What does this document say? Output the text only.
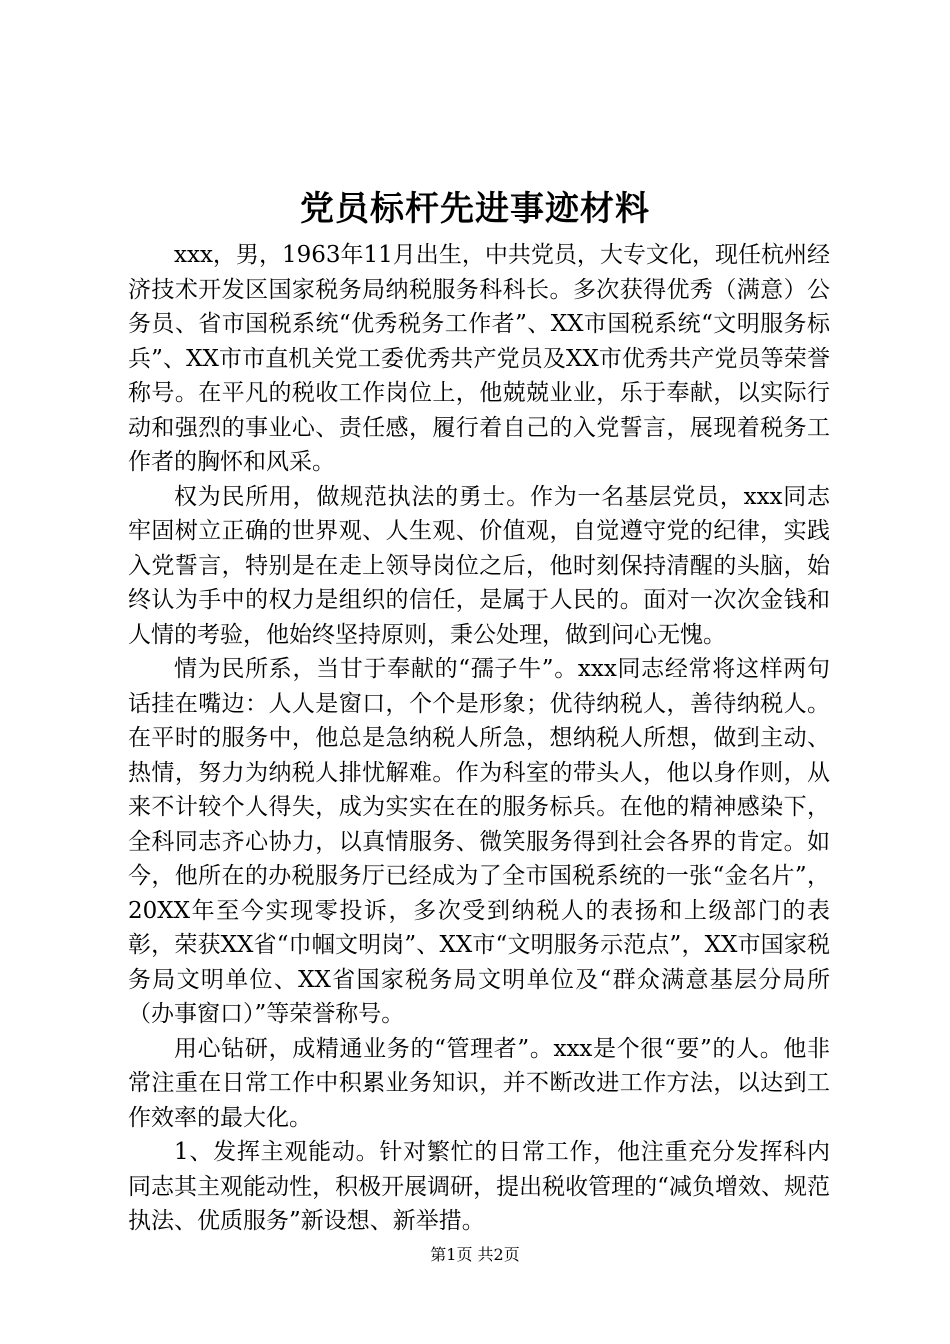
党员标杆先进事迹材料

xxx，男，1963年11月出生，中共党员，大专文化，现任杭州经济技术开发区国家税务局纳税服务科科长。多次获得优秀（满意）公务员、省市国税系统“优秀税务工作者”、XX市国税系统“文明服务标兵”、XX市市直机关党工委优秀共产党员及XX市优秀共产党员等荣誉称号。在平凡的税收工作岗位上，他兢兢业业，乐于奉献，以实际行动和强烈的事业心、责任感，履行着自己的入党誓言，展现着税务工作者的胸怀和风采。

权为民所用，做规范执法的勇士。作为一名基层党员，xxx同志牢固树立正确的世界观、人生观、价值观，自觉遵守党的纪律，实践入党誓言，特别是在走上领导岗位之后，他时刻保持清醒的头脑，始终认为手中的权力是组织的信任，是属于人民的。面对一次次金钱和人情的考验，他始终坚持原则，秉公处理，做到问心无愧。

情为民所系，当甘于奉献的“孺子牛”。xxx同志经常将这样两句话挂在嘴边：人人是窗口，个个是形象；优待纳税人，善待纳税人。在平时的服务中，他总是急纳税人所急，想纳税人所想，做到主动、热情，努力为纳税人排忧解难。作为科室的带头人，他以身作则，从来不计较个人得失，成为实实在在的服务标兵。在他的精神感染下，全科同志齐心协力，以真情服务、微笑服务得到社会各界的肯定。如今，他所在的办税服务厅已经成为了全市国税系统的一张“金名片”，20XX年至今实现零投诉，多次受到纳税人的表扬和上级部门的表彰，荣获XX省“巾帼文明岗”、XX市“文明服务示范点”，XX市国家税务局文明单位、XX省国家税务局文明单位及“群众满意基层分局所（办事窗口）”等荣誉称号。

用心钻研，成精通业务的“管理者”。xxx是个很“要”的人。他非常注重在日常工作中积累业务知识，并不断改进工作方法，以达到工作效率的最大化。

1、发挥主观能动。针对繁忙的日常工作，他注重充分发挥科内同志其主观能动性，积极开展调研，提出税收管理的“减负增效、规范执法、优质服务”新设想、新举措。

第1页 共2页
